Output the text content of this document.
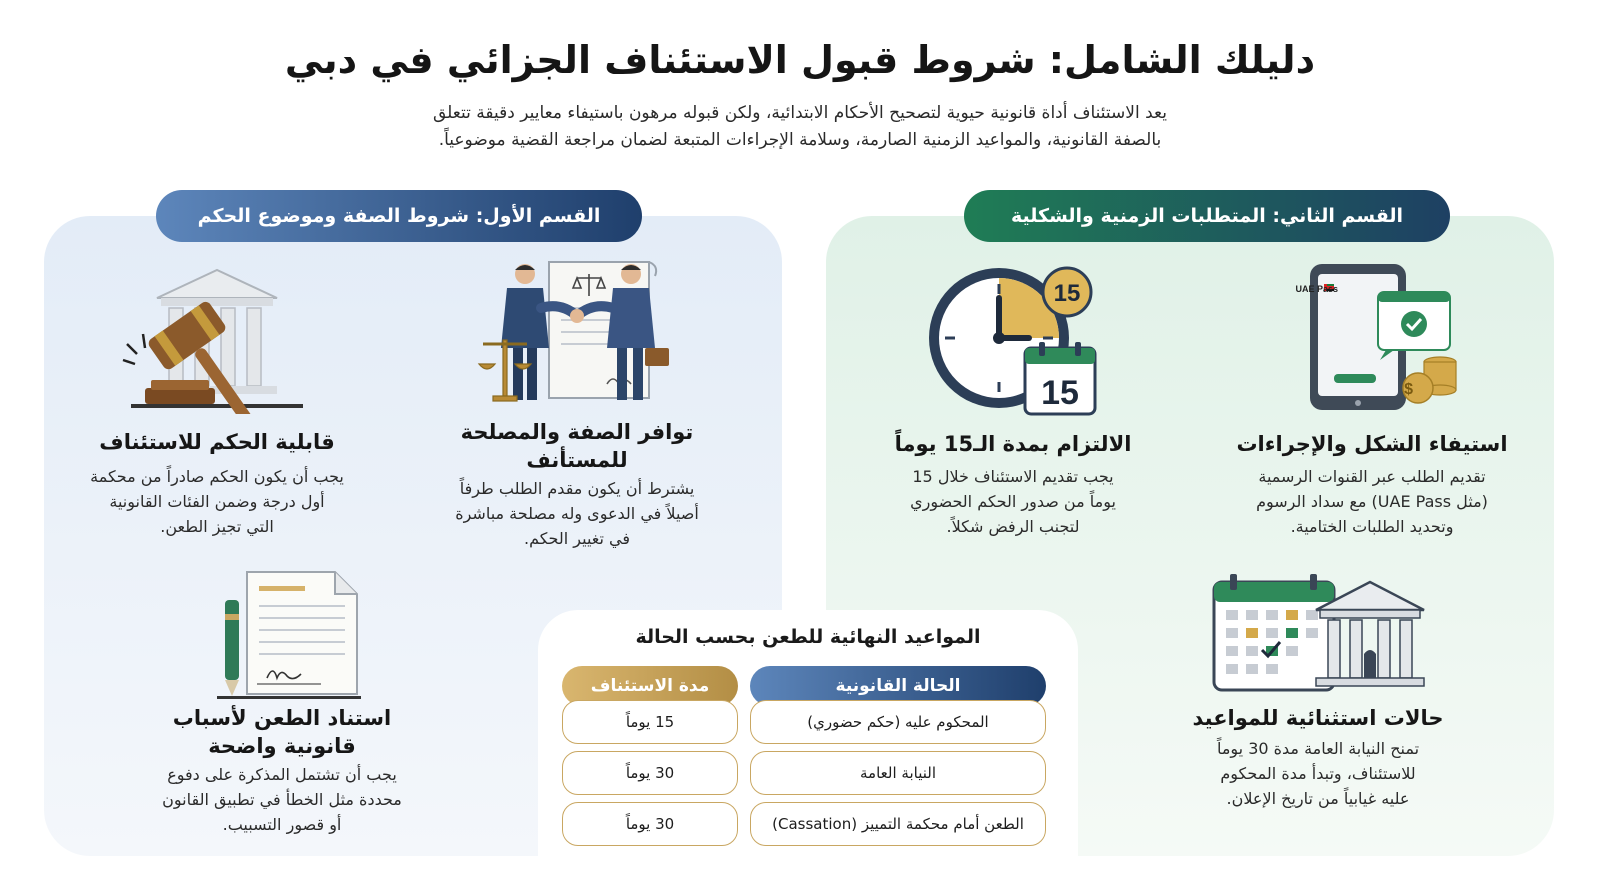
دليلك الشامل: شروط قبول الاستئناف الجزائي في دبي
يعد الاستئناف أداة قانونية حيوية لتصحيح الأحكام الابتدائية، ولكن قبوله مرهون باستيفاء معايير دقيقة تتعلق
بالصفة القانونية، والمواعيد الزمنية الصارمة، وسلامة الإجراءات المتبعة لضمان مراجعة القضية موضوعياً.
القسم الأول: شروط الصفة وموضوع الحكم	القسم الثاني: المتطلبات الزمنية والشكلية
توافر الصفة والمصلحة
للمستأنف

يشترط أن يكون مقدم الطلب طرفاً
أصيلاً في الدعوى وله مصلحة مباشرة
في تغيير الحكم.

قابلية الحكم للاستئناف

يجب أن يكون الحكم صادراً من محكمة
أول درجة وضمن الفئات القانونية
التي تجيز الطعن.

استناد الطعن لأسباب
قانونية واضحة

يجب أن تشتمل المذكرة على دفوع
محددة مثل الخطأ في تطبيق القانون
أو قصور التسبيب.

UAE Pass
$
استيفاء الشكل والإجراءات

تقديم الطلب عبر القنوات الرسمية
(مثل UAE Pass) مع سداد الرسوم
وتحديد الطلبات الختامية.

15
15
الالتزام بمدة الـ15 يوماً

يجب تقديم الاستئناف خلال 15
يوماً من صدور الحكم الحضوري
لتجنب الرفض شكلاً.

حالات استثنائية للمواعيد

تمنح النيابة العامة مدة 30 يوماً
للاستئناف، وتبدأ مدة المحكوم
عليه غيابياً من تاريخ الإعلان.

المواعيد النهائية للطعن بحسب الحالة
الحالة القانونية
مدة الاستئناف
المحكوم عليه (حكم حضوري)
15 يوماً
النيابة العامة
30 يوماً
الطعن أمام محكمة التمييز (Cassation)
30 يوماً
